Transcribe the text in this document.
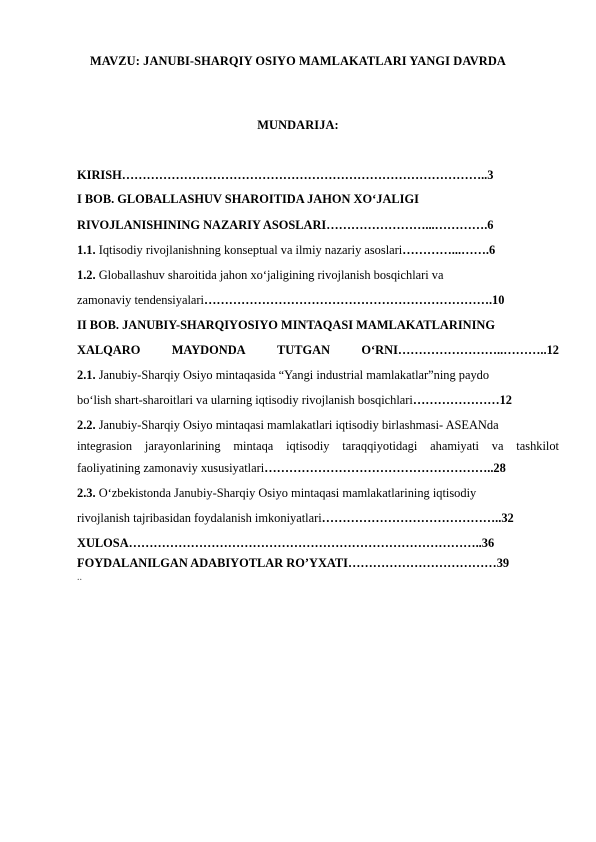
MAVZU: JANUBI-SHARQIY OSIYO MAMLAKATLARI YANGI DAVRDA
MUNDARIJA:
KIRISH……………………………………………………………………………..3
I BOB. GLOBALLASHUV SHAROITIDA JAHON XO‘JALIGI
RIVOJLANISHINING NAZARIY ASOSLARI……………………...………….6
1.1. Iqtisodiy rivojlanishning konseptual va ilmiy nazariy asoslari…………...…….6
1.2. Globallashuv sharoitida jahon xo‘jaligining rivojlanish bosqichlari va
zamonaviy tendensiyalari…………………………………………………………….10
II BOB. JANUBIY-SHARQIYOSIYO MINTAQASI MAMLAKATLARINING
XALQARO	MAYDONDA	TUTGAN	O‘RNI……………………..………..12
2.1. Janubiy-Sharqiy Osiyo mintaqasida “Yangi industrial mamlakatlar”ning paydo
bo‘lish shart-sharoitlari va ularning iqtisodiy rivojlanish bosqichlari…………………12
2.2. Janubiy-Sharqiy Osiyo mintaqasi mamlakatlari iqtisodiy birlashmasi- ASEANda
integrasion jarayonlarining mintaqa iqtisodiy taraqqiyotidagi ahamiyati va tashkilot
faoliyatining zamonaviy xususiyatlari………………………………………………..28
2.3. O‘zbekistonda Janubiy-Sharqiy Osiyo mintaqasi mamlakatlarining iqtisodiy
rivojlanish tajribasidan foydalanish imkoniyatlari……………………………………..32
XULOSA…………………………………………………………………………..36
FOYDALANILGAN ADABIYOTLAR RO’YXATI………………………………39
..
